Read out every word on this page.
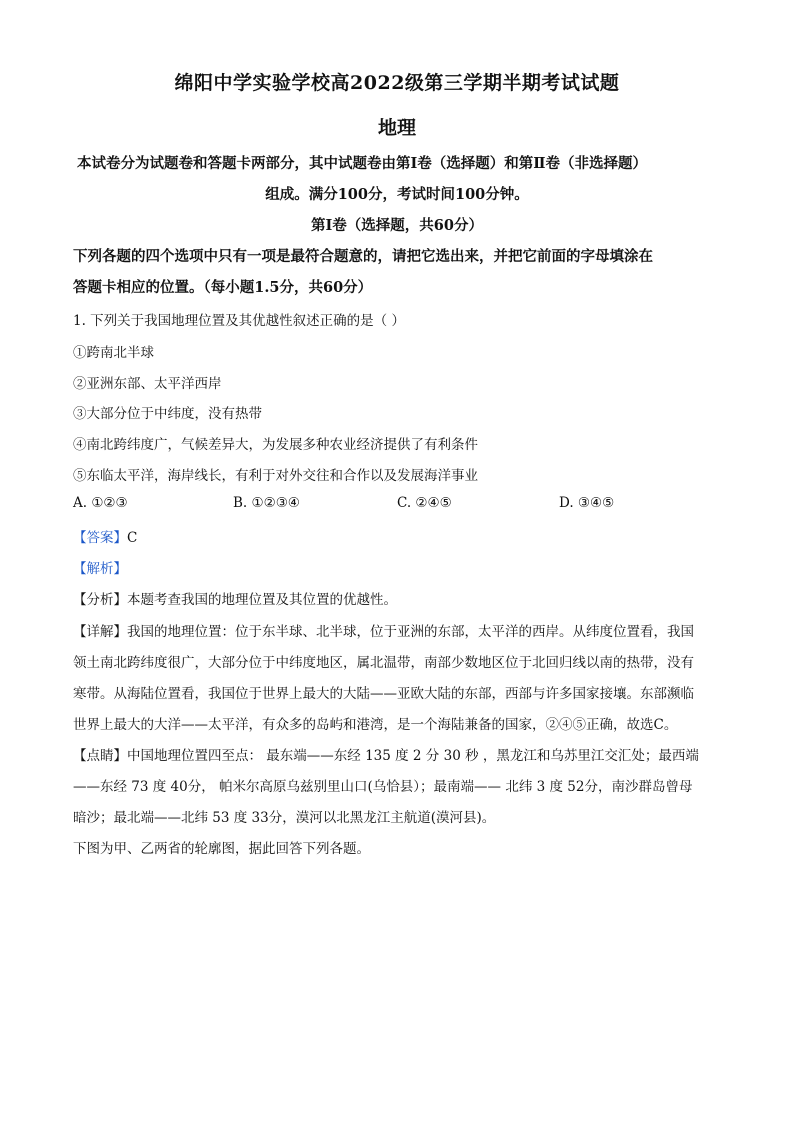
绵阳中学实验学校高2022级第三学期半期考试试题
地理
本试卷分为试题卷和答题卡两部分，其中试题卷由第Ⅰ卷（选择题）和第Ⅱ卷（非选择题）
组成。满分100分，考试时间100分钟。
第Ⅰ卷（选择题，共60分）
下列各题的四个选项中只有一项是最符合题意的，请把它选出来，并把它前面的字母填涂在
答题卡相应的位置。（每小题1.5分，共60分）
1. 下列关于我国地理位置及其优越性叙述正确的是（ ）
①跨南北半球
②亚洲东部、太平洋西岸
③大部分位于中纬度，没有热带
④南北跨纬度广，气候差异大，为发展多种农业经济提供了有利条件
⑤东临太平洋，海岸线长，有利于对外交往和合作以及发展海洋事业
A. ①②③	B. ①②③④	C. ②④⑤	D. ③④⑤
【答案】C
【解析】
【分析】本题考查我国的地理位置及其位置的优越性。
【详解】我国的地理位置：位于东半球、北半球，位于亚洲的东部，太平洋的西岸。从纬度位置看，我国
领土南北跨纬度很广，大部分位于中纬度地区，属北温带，南部少数地区位于北回归线以南的热带，没有
寒带。从海陆位置看，我国位于世界上最大的大陆——亚欧大陆的东部，西部与许多国家接壤。东部濒临
世界上最大的大洋——太平洋，有众多的岛屿和港湾，是一个海陆兼备的国家，②④⑤正确，故选C。
【点睛】中国地理位置四至点： 最东端——东经 135 度 2 分 30 秒 ，黑龙江和乌苏里江交汇处；最西端
——东经 73 度 40分， 帕米尔高原乌兹别里山口(乌恰县）；最南端—— 北纬 3 度 52分，南沙群岛曾母
暗沙；最北端——北纬 53 度 33分，漠河以北黑龙江主航道(漠河县)。
下图为甲、乙两省的轮廓图，据此回答下列各题。
